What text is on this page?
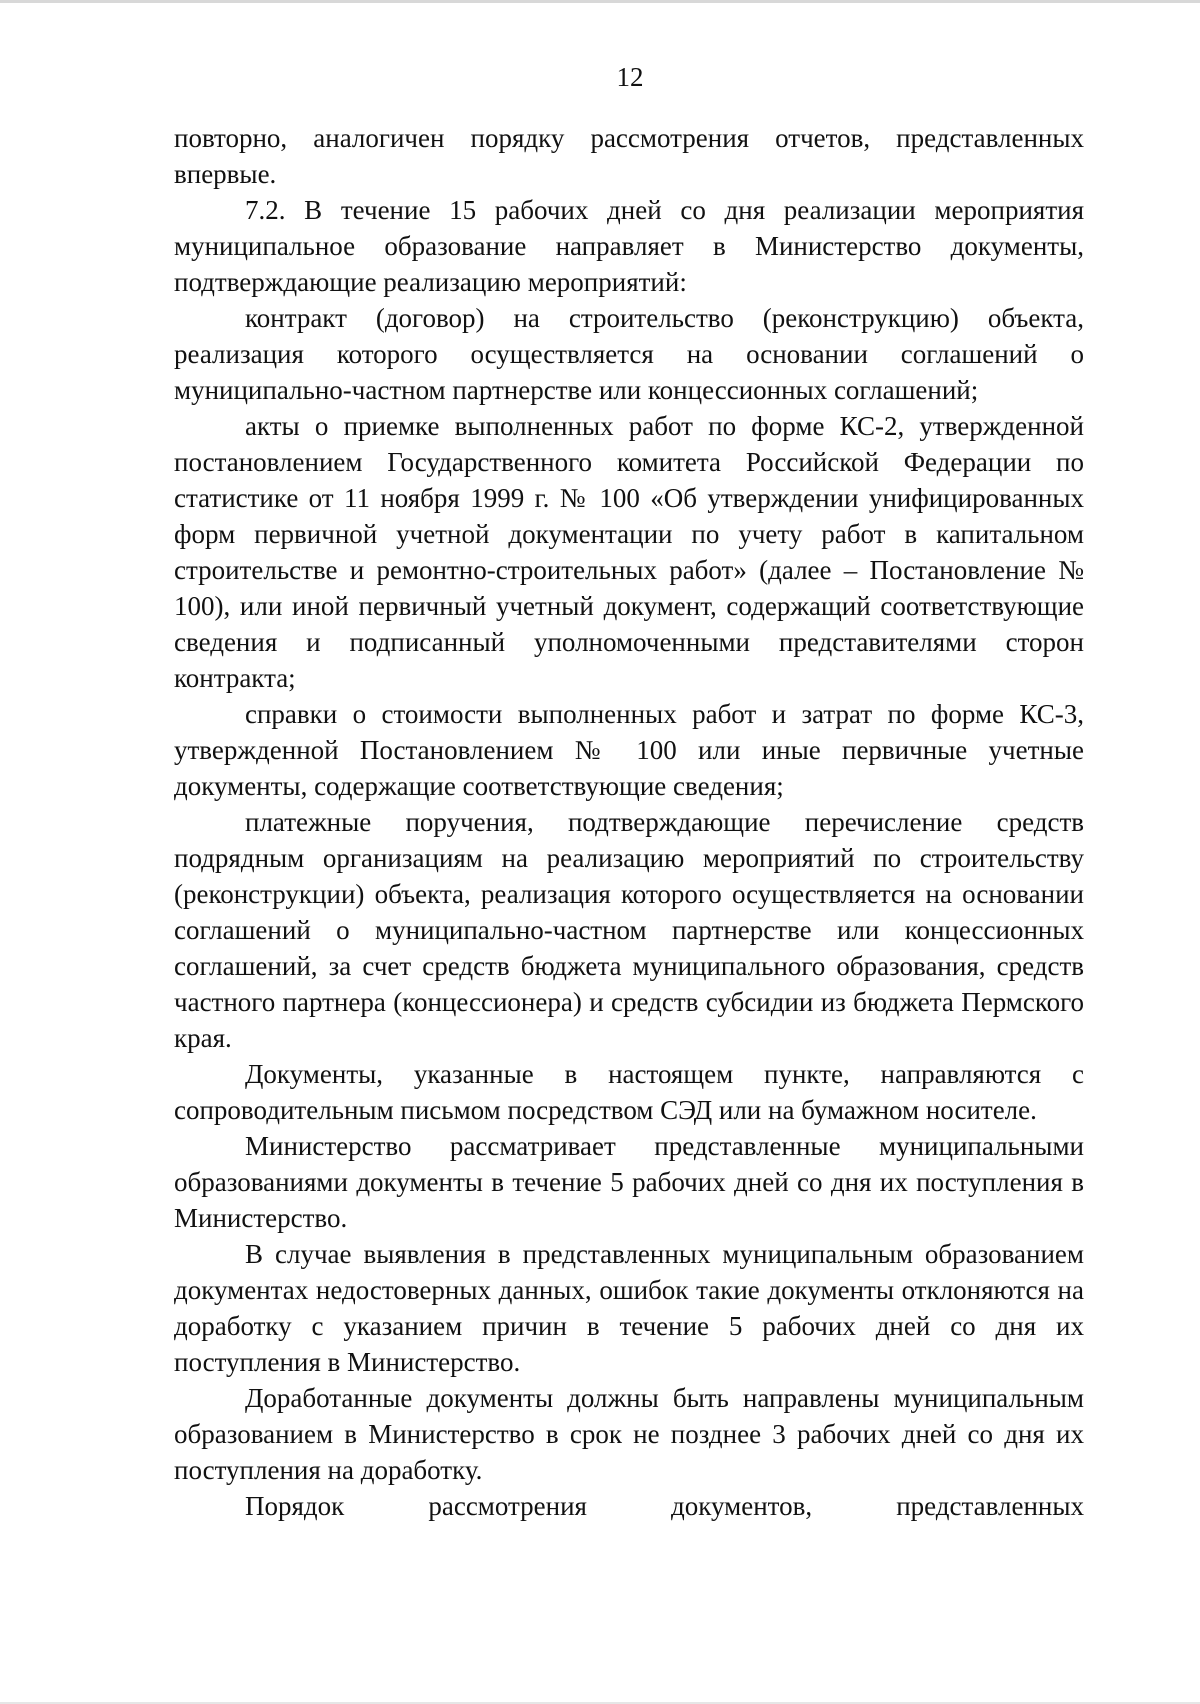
12

повторно, аналогичен порядку рассмотрения отчетов, представленных впервые.

7.2. В течение 15 рабочих дней со дня реализации мероприятия муниципальное образование направляет в Министерство документы, подтверждающие реализацию мероприятий:

контракт (договор) на строительство (реконструкцию) объекта, реализация которого осуществляется на основании соглашений о муниципально-частном партнерстве или концессионных соглашений;

акты о приемке выполненных работ по форме КС-2, утвержденной постановлением Государственного комитета Российской Федерации по статистике от 11 ноября 1999 г. № 100 «Об утверждении унифицированных форм первичной учетной документации по учету работ в капитальном строительстве и ремонтно-строительных работ» (далее – Постановление № 100), или иной первичный учетный документ, содержащий соответствующие сведения и подписанный уполномоченными представителями сторон контракта;

справки о стоимости выполненных работ и затрат по форме КС-3, утвержденной Постановлением № 100 или иные первичные учетные документы, содержащие соответствующие сведения;

платежные поручения, подтверждающие перечисление средств подрядным организациям на реализацию мероприятий по строительству (реконструкции) объекта, реализация которого осуществляется на основании соглашений о муниципально-частном партнерстве или концессионных соглашений, за счет средств бюджета муниципального образования, средств частного партнера (концессионера) и средств субсидии из бюджета Пермского края.

Документы, указанные в настоящем пункте, направляются с сопроводительным письмом посредством СЭД или на бумажном носителе.

Министерство рассматривает представленные муниципальными образованиями документы в течение 5 рабочих дней со дня их поступления в Министерство.

В случае выявления в представленных муниципальным образованием документах недостоверных данных, ошибок такие документы отклоняются на доработку с указанием причин в течение 5 рабочих дней со дня их поступления в Министерство.

Доработанные документы должны быть направлены муниципальным образованием в Министерство в срок не позднее 3 рабочих дней со дня их поступления на доработку.

Порядок рассмотрения документов, представленных
